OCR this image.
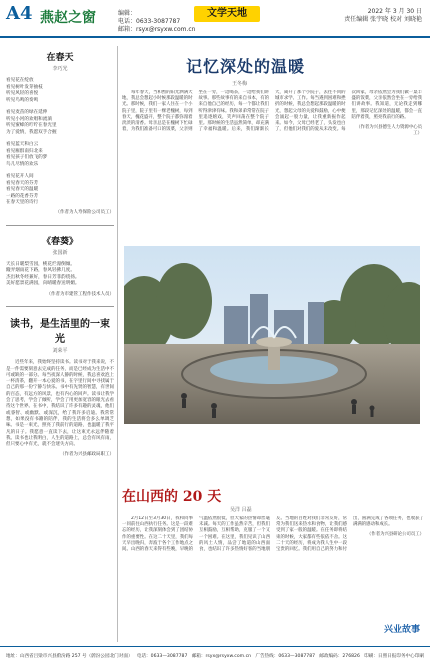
A4 燕赵之窗	编辑：
电话：0633-3087787
邮箱：rsyx@rsyxw.com.cn
文学天地	2022 年 3 月 30 日
责任编辑 张宇晓 校对 刘晓艳
在春天
李巧光

看见花在绽放

看见树叶发芽抽枝

听见风轻的喜悦

听见鸟鸣的奏鸣

看见麦苗的绿在延伸

听见小河的欢唱和流淌

听见蜜蜂的咛咛在春光里

为了爱情，我愿双手合握

看见蓝天和白云

看见雁群南归北来

看见孩子们放飞的梦

鸟儿尽情的欢乐

看见花开人间

看见春天的芬芳

看见春天的温暖

一路的花香芬芳

在春天里的诗行

（作者为人寿保险公司员工）
《春葵》
张国新

天长日暖梨雪园，桃花烂漫倒倾。

簸弄烟雨花下路，春风轻拂几度。

杰出秋冬经兼好，春日芳菲韵绕扬。

美好愿景花满园，向晴暖春送明媚。

（作者为市建管工程作技术人员）
读书，是生活里的一束光
刘荣平

近些年来，我始终坚持读书。读书对于我来说，不是一件需要刻意去完成的任务，而是已经成为生活中不可或缺的一部分。每当夜深人静的时候，我总喜欢泡上一杯清茶，翻开一本心爱的书，在字里行间中寻找属于自己的那一份宁静与快乐。书中有先贤的智慧，有世间的百态，有远方的风景，也有内心的回声。读书让我学会了思考，学会了倾听，学会了用更加宽容的眼光去看待这个世界。在书中，我结识了许多有趣的灵魂，他们或睿智、或幽默、或深沉，给了我许多启迪。我常常想，如果没有书籍的陪伴，我的生活将会多么单调乏味。书是一束光，照亮了我前行的道路，也温暖了我平凡的日子。我愿意一直读下去，让这束光永远伴随着我。读书也让我明白，人生的道路上，总会有风有雨，但只要心中有光，就不会迷失方向。

（作者为兴县邮政局职工）
记忆深处的温暖
王冬梅

每年春天，当和煦的阳光洒满大地，我总会想起小时候那段温暖的时光。那时候，我们一家人住在一个小院子里，院子里有一棵老槐树，每到春天，槐花盛开，整个院子都弥漫着淡淡的清香。母亲总是在槐树下忙碌着，为我们准备可口的饭菜，父亲则坐在一旁，一边喝茶，一边给我们讲故事。那些故事有的来自书本，有的来自他自己的经历，每一个都让我们听得津津有味。我和弟弟常常在院子里追逐嬉戏，笑声回荡在整个院子里。那时候的生活虽然简单，却充满了幸福和温暖。后来，我们渐渐长大，离开了那个小院子，去往不同的城市求学、工作。每当遇到困难和挫折的时候，我总会想起那段温暖的时光，想起父母的关爱和鼓励，心中便会涌起一股力量，让我重新振作起来。如今，父母已经老了，头发也白了，但他们对我们的爱从未改变。每次回家，母亲依然会为我们做一桌丰盛的饭菜，父亲依然会坐在一旁给我们讲故事。我知道，无论我走到哪里，那段记忆深处的温暖，都会一直陪伴着我，照亮我前行的路。

（作者为兴县德生人力资源中心员工）

在山西的 20 天
吴洋 吕磊

2月12日至3月30日，我和同事一同前往山西执行任务。这是一段难忘的经历，让我深刻体会到了团结协作的重要性。在这二十天里，我们每天早出晚归，奔波于各个工作地点之间。山西的春天来得有些晚，早晚的气温依然很低，但大家的热情却丝毫未减。每天的工作虽然辛苦，但我们互相鼓励，互相帮助，克服了一个又一个困难。在这里，我们见识了山西的风土人情，品尝了地道的山西面食，也结识了许多热情好客的当地朋友。当地的百姓对我们非常友好，常常为我们送来热水和食物，让我们感受到了家一般的温暖。在任务即将结束的时候，大家都有些依依不舍。这二十天的经历，将成为我人生中一段宝贵的回忆。我们用自己的努力和付出，圆满完成了各项任务，也收获了满满的感动和成长。

（作者为兴县研论公司员工）

兴业故事
地址：山西省吕梁市兴县蔚汾路 257 号（蔚汾公园北门对面） 电话：0633—3087787 邮箱：rsyx@rsyxw.com.cn 广告热线：0633—3087787 邮政编码：276826 印刷：日照日报印务中心印刷
